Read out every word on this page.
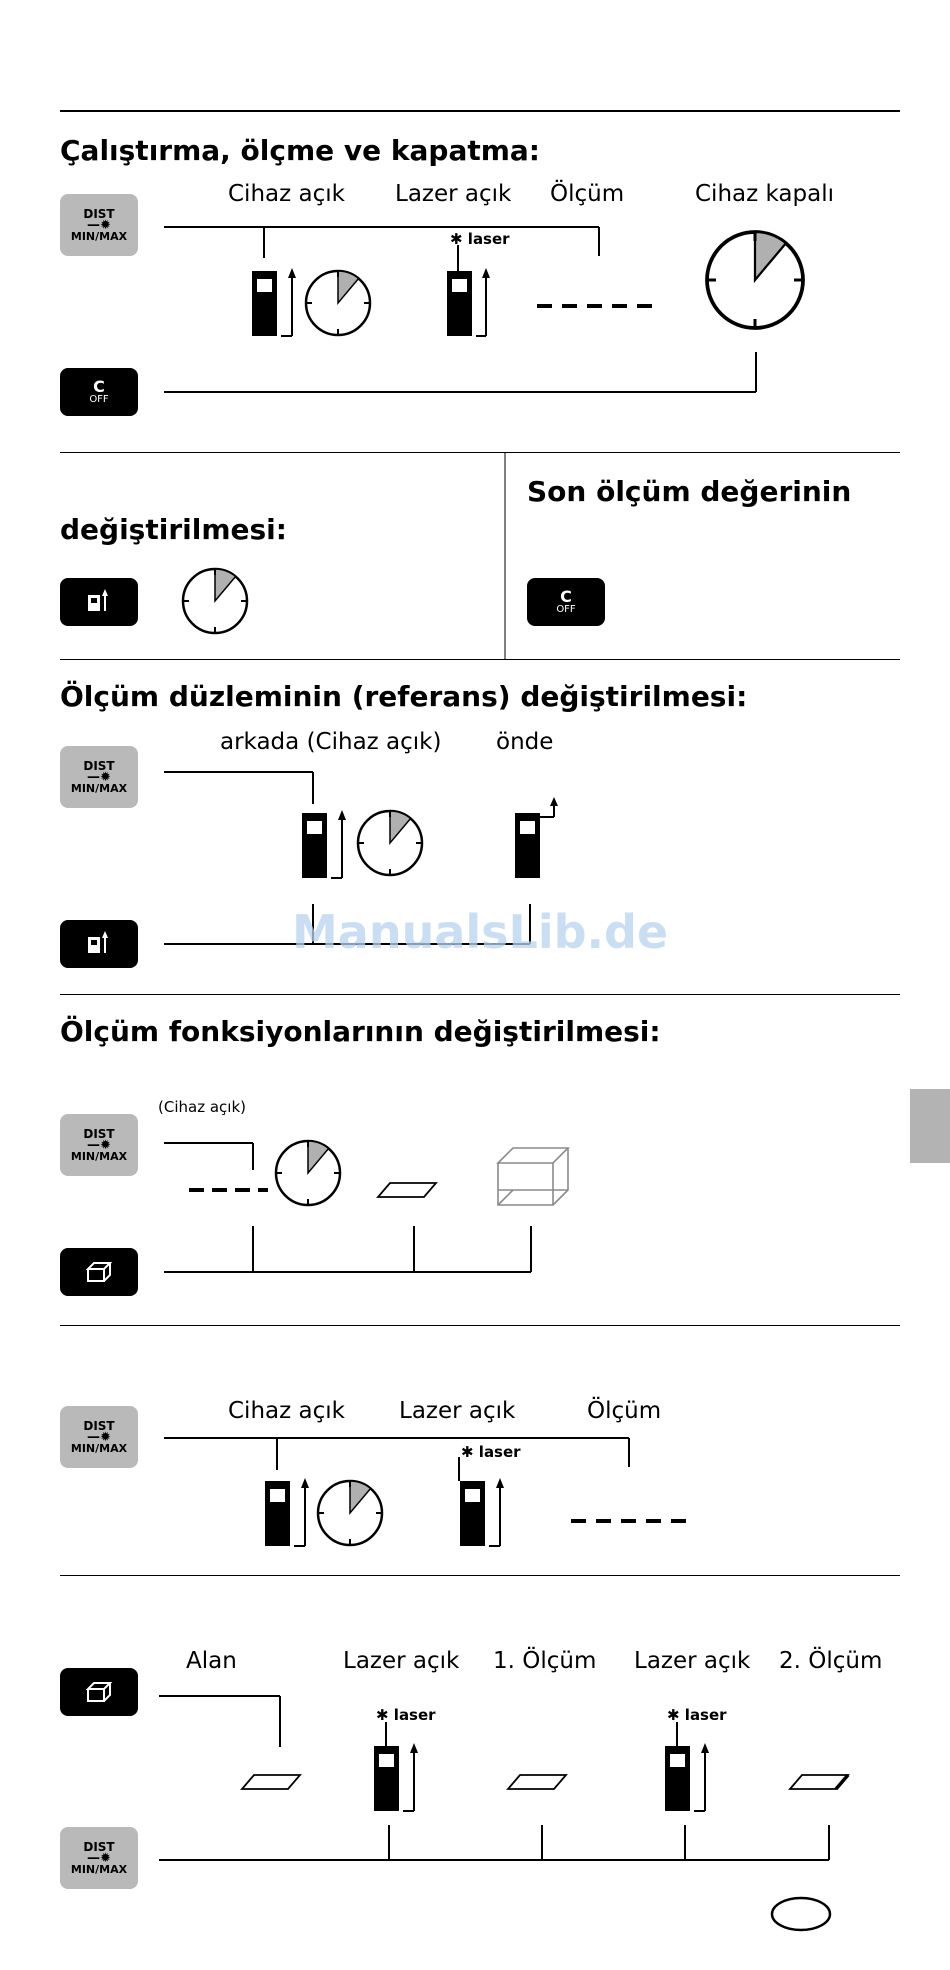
Çalıştırma, ölçme ve kapatma:
Cihaz açık Lazer açık Ölçüm	Cihaz kapalı
✱ laser
DIST
—✹
MIN/MAX
C
OFF
değiştirilmesi:
Son ölçüm değerinin
C
OFF
Ölçüm düzleminin (referans) değiştirilmesi:
arkada (Cihaz açık) önde
DIST
—✹
MIN/MAX
ManualsLib.de
Ölçüm fonksiyonlarının değiştirilmesi:
(Cihaz açık)
DIST
—✹
MIN/MAX
Cihaz açık Lazer açık	Ölçüm
✱ laser
DIST
—✹
MIN/MAX
Alan	Lazer açık 1. Ölçüm Lazer açık 2. Ölçüm
✱ laser	✱ laser
DIST
—✹
MIN/MAX
